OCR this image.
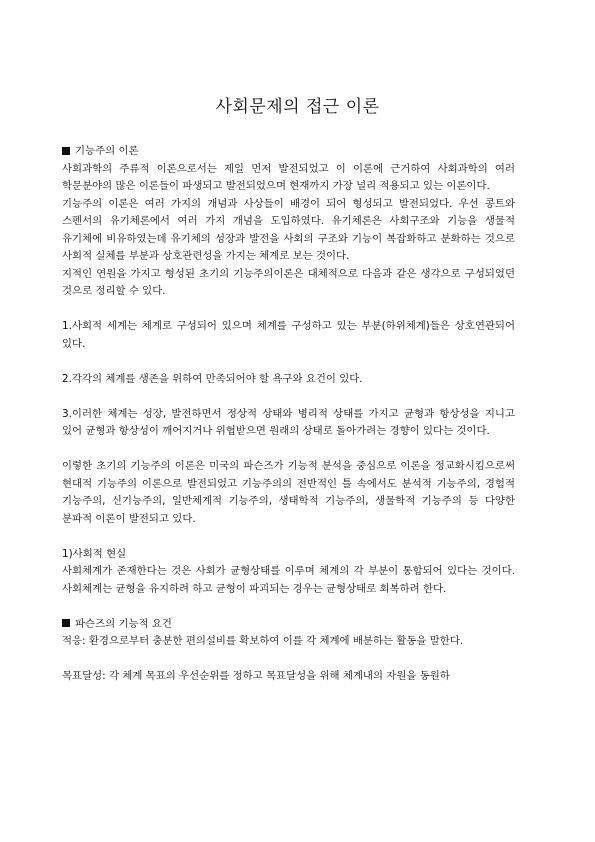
사회문제의 접근 이론

기능주의 이론

사회과학의 주류적 이론으로서는 제일 먼저 발전되었고 이 이론에 근거하여 사회과학의 여러 학문분야의 많은 이론들이 파생되고 발전되었으며 현재까지 가장 널리 적용되고 있는 이론이다.

기능주의 이론은 여러 가지의 개념과 사상들이 배경이 되어 형성되고 발전되었다. 우선 콩트와 스펜서의 유기체론에서 여러 가지 개념을 도입하였다. 유기체론은 사회구조와 기능을 생물적 유기체에 비유하였는데 유기체의 성장과 발전을 사회의 구조와 기능이 복잡화하고 분화하는 것으로 사회적 실체를 부분과 상호관련성을 가지는 체계로 보는 것이다.

지적인 연원을 가지고 형성된 초기의 기능주의이론은 대체적으로 다음과 같은 생각으로 구성되었던 것으로 정리할 수 있다.

1.사회적 세계는 체계로 구성되어 있으며 체계를 구성하고 있는 부분(하위체계)들은 상호연관되어 있다.

2.각각의 체계를 생존을 위하여 만족되어야 할 욕구와 요건이 있다.

3.이러한 체계는 성장, 발전하면서 정상적 상태와 병리적 상태를 가지고 균형과 항상성을 지니고 있어 균형과 항상성이 깨어지거나 위협받으면 원래의 상태로 돌아가려는 경향이 있다는 것이다.

이렇한 초기의 기능주의 이론은 미국의 파슨즈가 기능적 분석을 중심으로 이론을 정교화시킴으로써 현대적 기능주의 이론으로 발전되었고 기능주의의 전반적인 틀 속에서도 분석적 기능주의, 경험적 기능주의, 신기능주의, 일반체계적 기능주의, 생태학적 기능주의, 생물학적 기능주의 등 다양한 분파적 이론이 발전되고 있다.

1)사회적 현실

사회체계가 존재한다는 것은 사회가 균형상태를 이루며 체계의 각 부분이 통합되어 있다는 것이다. 사회체계는 균형을 유지하려 하고 균형이 파괴되는 경우는 균형상태로 회복하려 한다.

파슨즈의 기능적 요건

적응: 환경으로부터 충분한 편의설비를 확보하여 이를 각 체계에 배분하는 활동을 말한다.

목표달성: 각 체계 목표의 우선순위를 정하고 목표달성을 위해 체계내의 자원을 동원하
